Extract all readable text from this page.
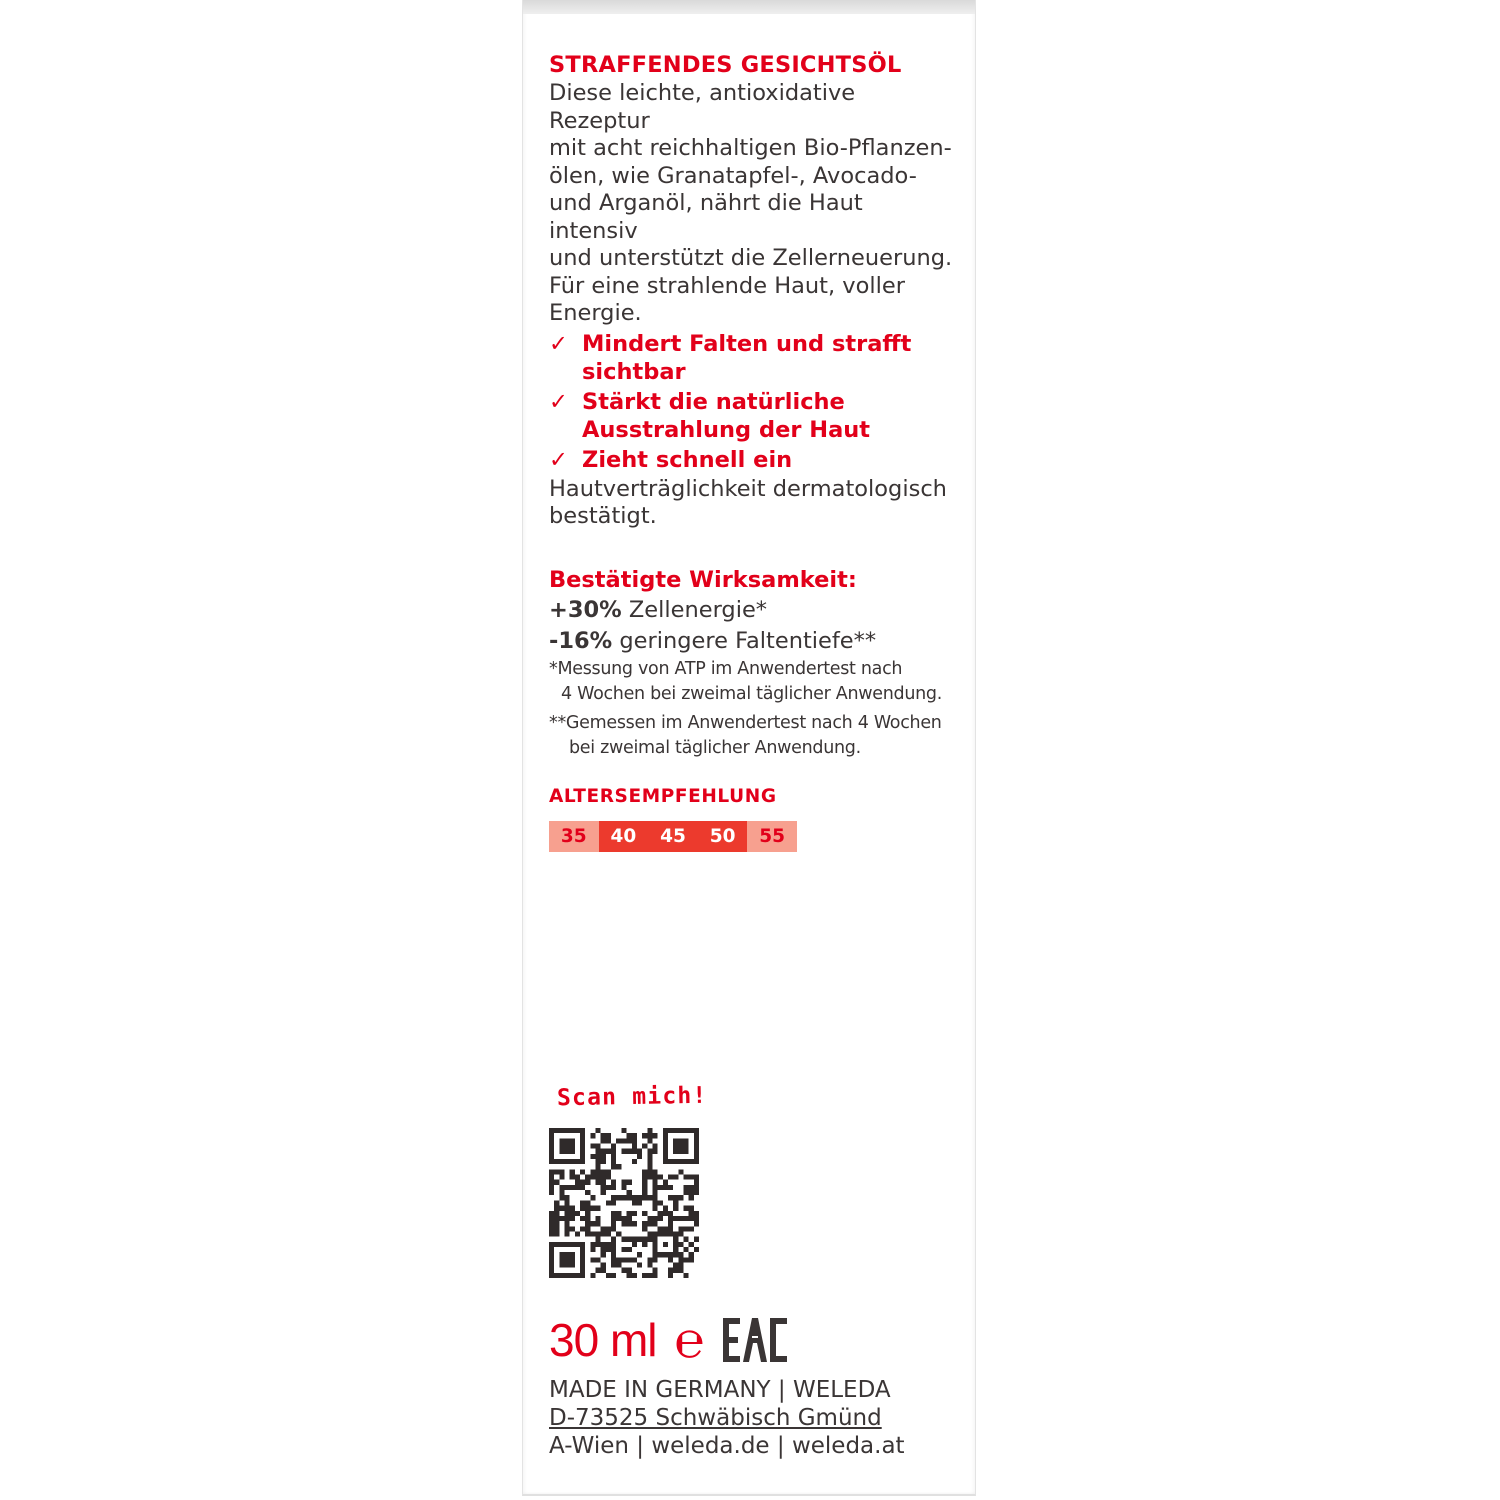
STRAFFENDES GESICHTSÖL

Diese leichte, antioxidative Rezeptur
mit acht reichhaltigen Bio-Pflanzen-
ölen, wie Granatapfel-, Avocado-
und Arganöl, nährt die Haut intensiv
und unterstützt die Zellerneuerung.
Für eine strahlende Haut, voller
Energie.

✓ Mindert Falten und strafft
sichtbar
✓ Stärkt die natürliche
Ausstrahlung der Haut
✓ Zieht schnell ein

Hautverträglichkeit dermatologisch
bestätigt.

Bestätigte Wirksamkeit:

+30% Zellenergie*

-16% geringere Faltentiefe**

*Messung von ATP im Anwendertest nach
4 Wochen bei zweimal täglicher Anwendung.

**Gemessen im Anwendertest nach 4 Wochen
bei zweimal täglicher Anwendung.

ALTERSEMPFEHLUNG
35	40	45	50	55
Scan mich!
30 ml ℮

MADE IN GERMANY | WELEDA

D-73525 Schwäbisch Gmünd

A-Wien | weleda.de | weleda.at
